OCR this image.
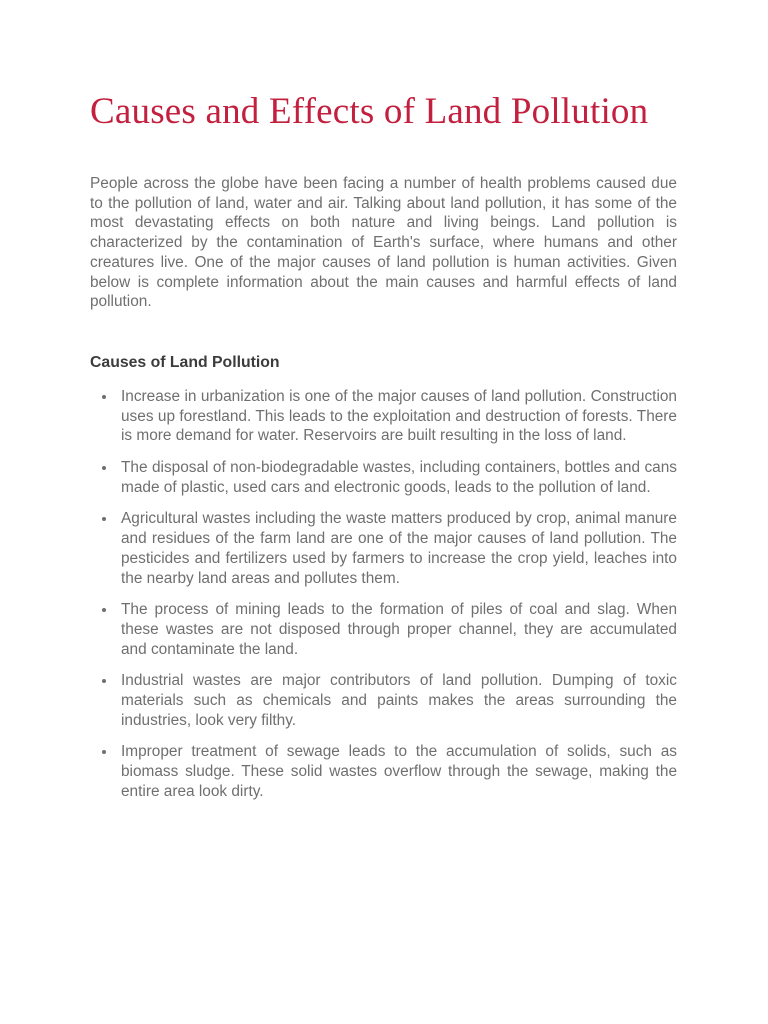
Causes and Effects of Land Pollution

People across the globe have been facing a number of health problems caused due to the pollution of land, water and air. Talking about land pollution, it has some of the most devastating effects on both nature and living beings. Land pollution is characterized by the contamination of Earth's surface, where humans and other creatures live. One of the major causes of land pollution is human activities. Given below is complete information about the main causes and harmful effects of land pollution.

Causes of Land Pollution
Increase in urbanization is one of the major causes of land pollution. Construction uses up forestland. This leads to the exploitation and destruction of forests. There is more demand for water. Reservoirs are built resulting in the loss of land.
The disposal of non-biodegradable wastes, including containers, bottles and cans made of plastic, used cars and electronic goods, leads to the pollution of land.
Agricultural wastes including the waste matters produced by crop, animal manure and residues of the farm land are one of the major causes of land pollution. The pesticides and fertilizers used by farmers to increase the crop yield, leaches into the nearby land areas and pollutes them.
The process of mining leads to the formation of piles of coal and slag. When these wastes are not disposed through proper channel, they are accumulated and contaminate the land.
Industrial wastes are major contributors of land pollution. Dumping of toxic materials such as chemicals and paints makes the areas surrounding the industries, look very filthy.
Improper treatment of sewage leads to the accumulation of solids, such as biomass sludge. These solid wastes overflow through the sewage, making the entire area look dirty.
